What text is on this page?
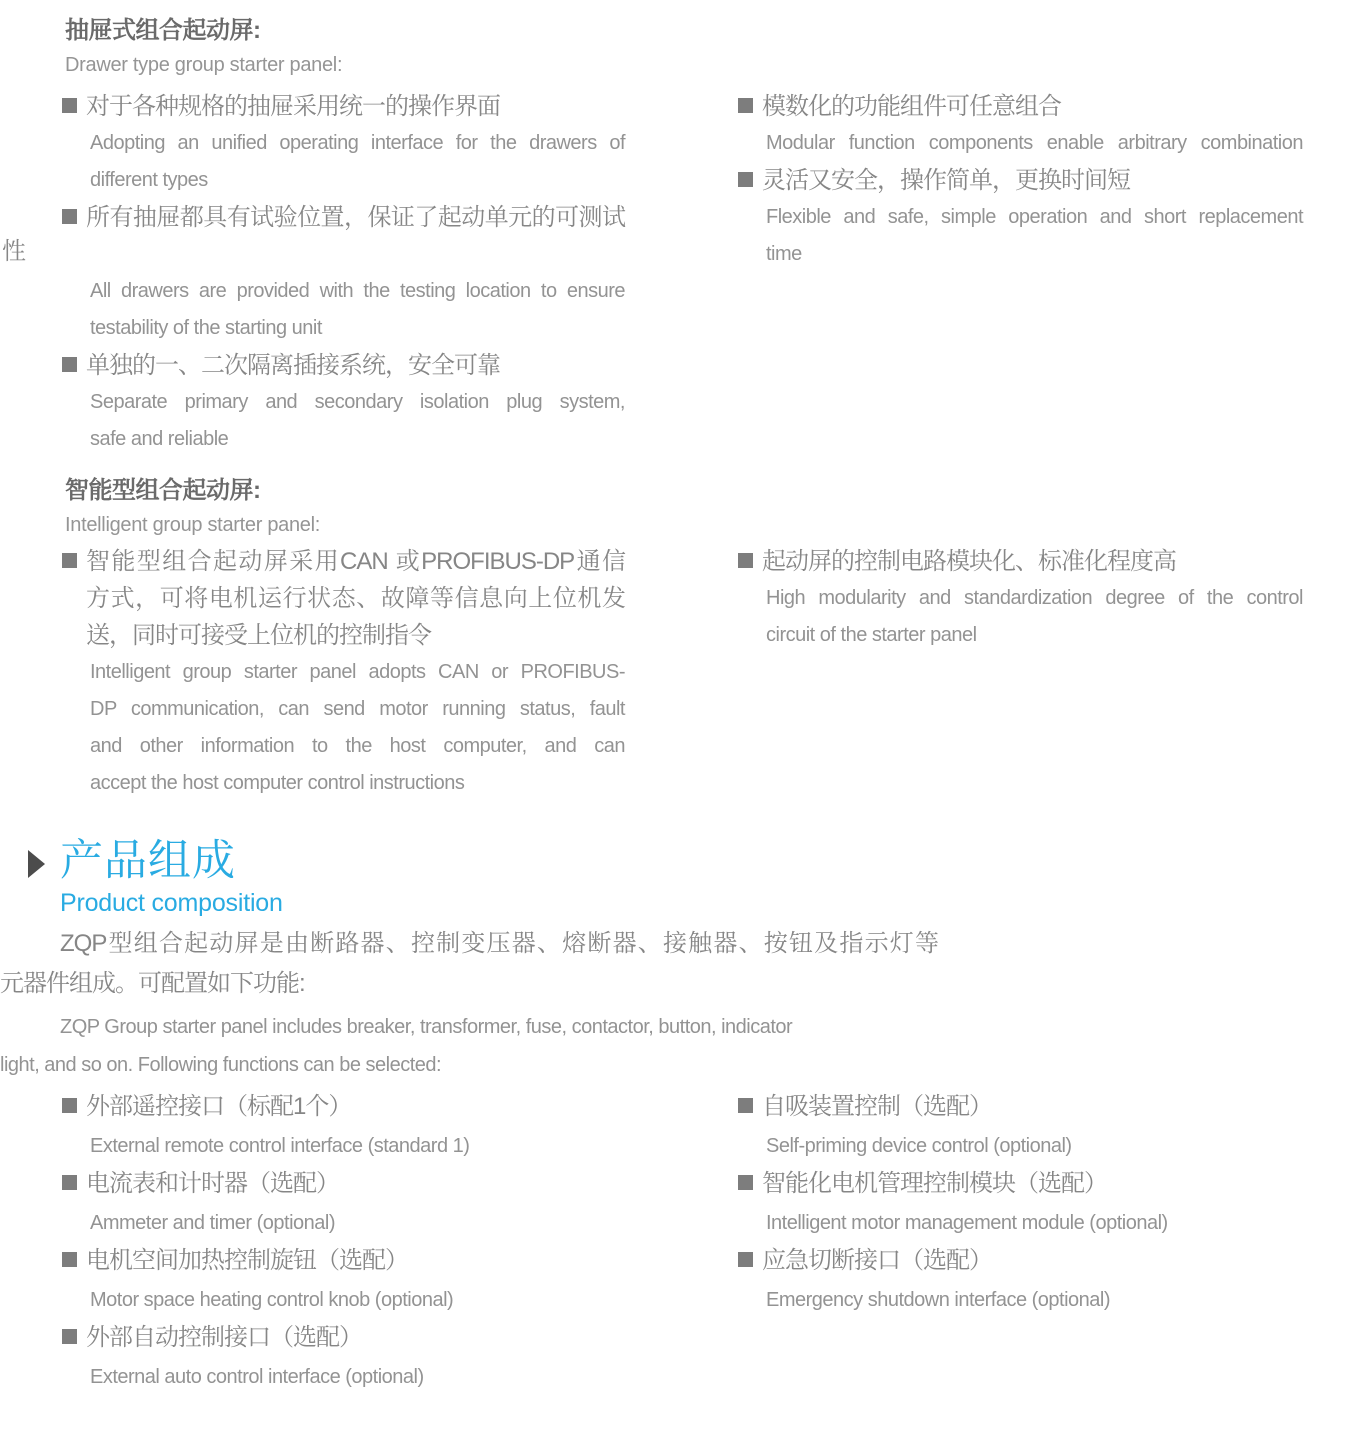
抽屉式组合起动屏:
Drawer type group starter panel:
对于各种规格的抽屉采用统一的操作界面
Adopting an unified operating interface for the drawers of
different types
所有抽屉都具有试验位置，保证了起动单元的可测试
All drawers are provided with the testing location to ensure
testability of the starting unit
单独的一、二次隔离插接系统，安全可靠
Separate primary and secondary isolation plug system,
safe and reliable
性
模数化的功能组件可任意组合
Modular function components enable arbitrary combination
灵活又安全，操作简单，更换时间短
Flexible and safe, simple operation and short replacement
time
智能型组合起动屏:
Intelligent group starter panel:
智能型组合起动屏采用CAN 或PROFIBUS-DP通信
方式，可将电机运行状态、故障等信息向上位机发
送，同时可接受上位机的控制指令
Intelligent group starter panel adopts CAN or PROFIBUS-
DP communication, can send motor running status, fault
and other information to the host computer, and can
accept the host computer control instructions
起动屏的控制电路模块化、标准化程度高
High modularity and standardization degree of the control
circuit of the starter panel
产品组成
Product composition
ZQP型组合起动屏是由断路器、控制变压器、熔断器、接触器、按钮及指示灯等
元器件组成。可配置如下功能:
ZQP Group starter panel includes breaker, transformer, fuse, contactor, button, indicator
light, and so on. Following functions can be selected:
外部遥控接口（标配1个）
External remote control interface (standard 1)
电流表和计时器（选配）
Ammeter and timer (optional)
电机空间加热控制旋钮（选配）
Motor space heating control knob (optional)
外部自动控制接口（选配）
External auto control interface (optional)
自吸装置控制（选配）
Self-priming device control (optional)
智能化电机管理控制模块（选配）
Intelligent motor management module (optional)
应急切断接口（选配）
Emergency shutdown interface (optional)
